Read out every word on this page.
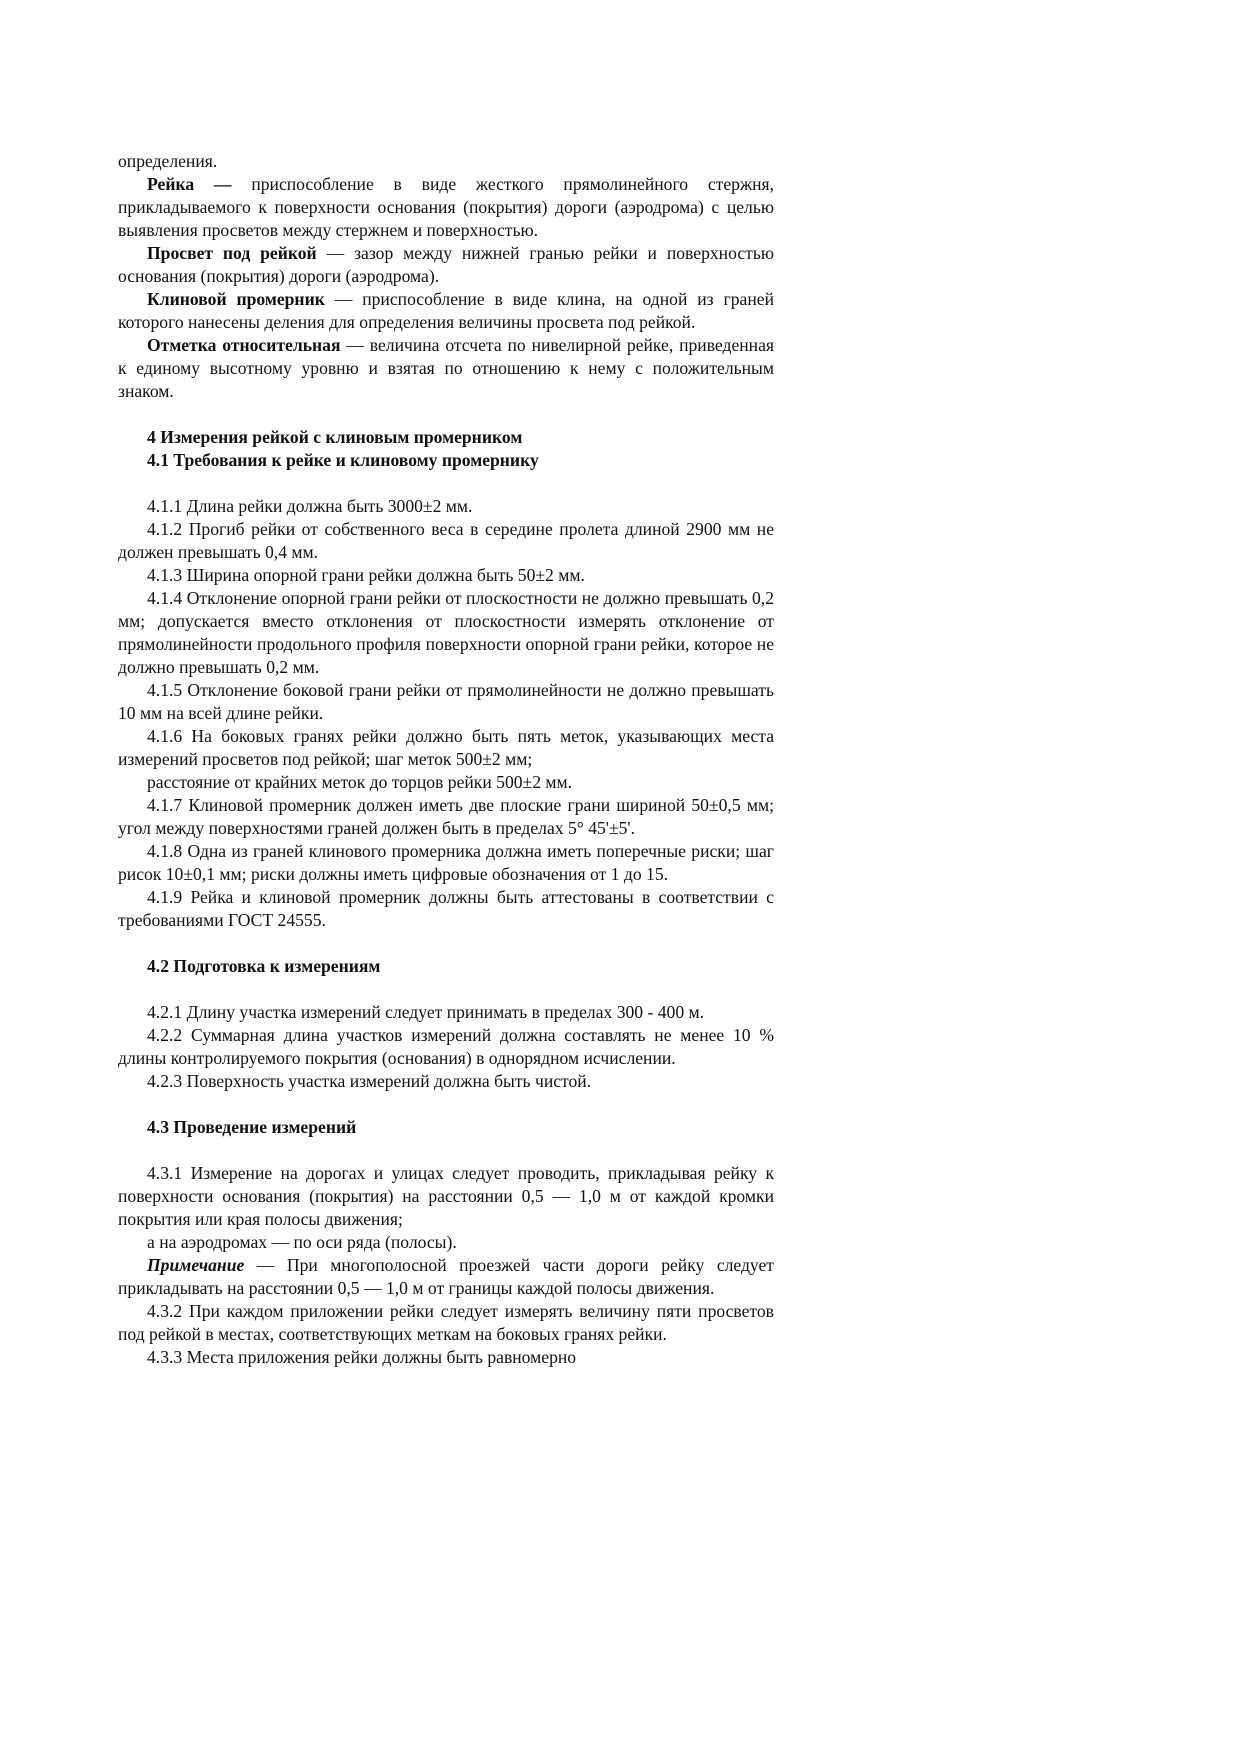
определения.

Рейка — приспособление в виде жесткого прямолинейного стержня, прикладываемого к поверхности основания (покрытия) дороги (аэродрома) с целью выявления просветов между стержнем и поверхностью.

Просвет под рейкой — зазор между нижней гранью рейки и поверхностью основания (покрытия) дороги (аэродрома).

Клиновой промерник — приспособление в виде клина, на одной из граней которого нанесены деления для определения величины просвета под рейкой.

Отметка относительная — величина отсчета по нивелирной рейке, приведенная к единому высотному уровню и взятая по отношению к нему с положительным знаком.

4 Измерения рейкой с клиновым промерником

4.1 Требования к рейке и клиновому промернику

4.1.1 Длина рейки должна быть 3000±2 мм.

4.1.2 Прогиб рейки от собственного веса в середине пролета длиной 2900 мм не должен превышать 0,4 мм.

4.1.3 Ширина опорной грани рейки должна быть 50±2 мм.

4.1.4 Отклонение опорной грани рейки от плоскостности не должно превышать 0,2 мм; допускается вместо отклонения от плоскостности измерять отклонение от прямолинейности продольного профиля поверхности опорной грани рейки, которое не должно превышать 0,2 мм.

4.1.5 Отклонение боковой грани рейки от прямолинейности не должно превышать 10 мм на всей длине рейки.

4.1.6 На боковых гранях рейки должно быть пять меток, указывающих места измерений просветов под рейкой; шаг меток 500±2 мм;

расстояние от крайних меток до торцов рейки 500±2 мм.

4.1.7 Клиновой промерник должен иметь две плоские грани шириной 50±0,5 мм; угол между поверхностями граней должен быть в пределах 5° 45'±5'.

4.1.8 Одна из граней клинового промерника должна иметь поперечные риски; шаг рисок 10±0,1 мм; риски должны иметь цифровые обозначения от 1 до 15.

4.1.9 Рейка и клиновой промерник должны быть аттестованы в соответствии с требованиями ГОСТ 24555.

4.2 Подготовка к измерениям

4.2.1 Длину участка измерений следует принимать в пределах 300 - 400 м.

4.2.2 Суммарная длина участков измерений должна составлять не менее 10 % длины контролируемого покрытия (основания) в однорядном исчислении.

4.2.3 Поверхность участка измерений должна быть чистой.

4.3 Проведение измерений

4.3.1 Измерение на дорогах и улицах следует проводить, прикладывая рейку к поверхности основания (покрытия) на расстоянии 0,5 — 1,0 м от каждой кромки покрытия или края полосы движения;

а на аэродромах — по оси ряда (полосы).

Примечание — При многополосной проезжей части дороги рейку следует прикладывать на расстоянии 0,5 — 1,0 м от границы каждой полосы движения.

4.3.2 При каждом приложении рейки следует измерять величину пяти просветов под рейкой в местах, соответствующих меткам на боковых гранях рейки.

4.3.3 Места приложения рейки должны быть равномерно
